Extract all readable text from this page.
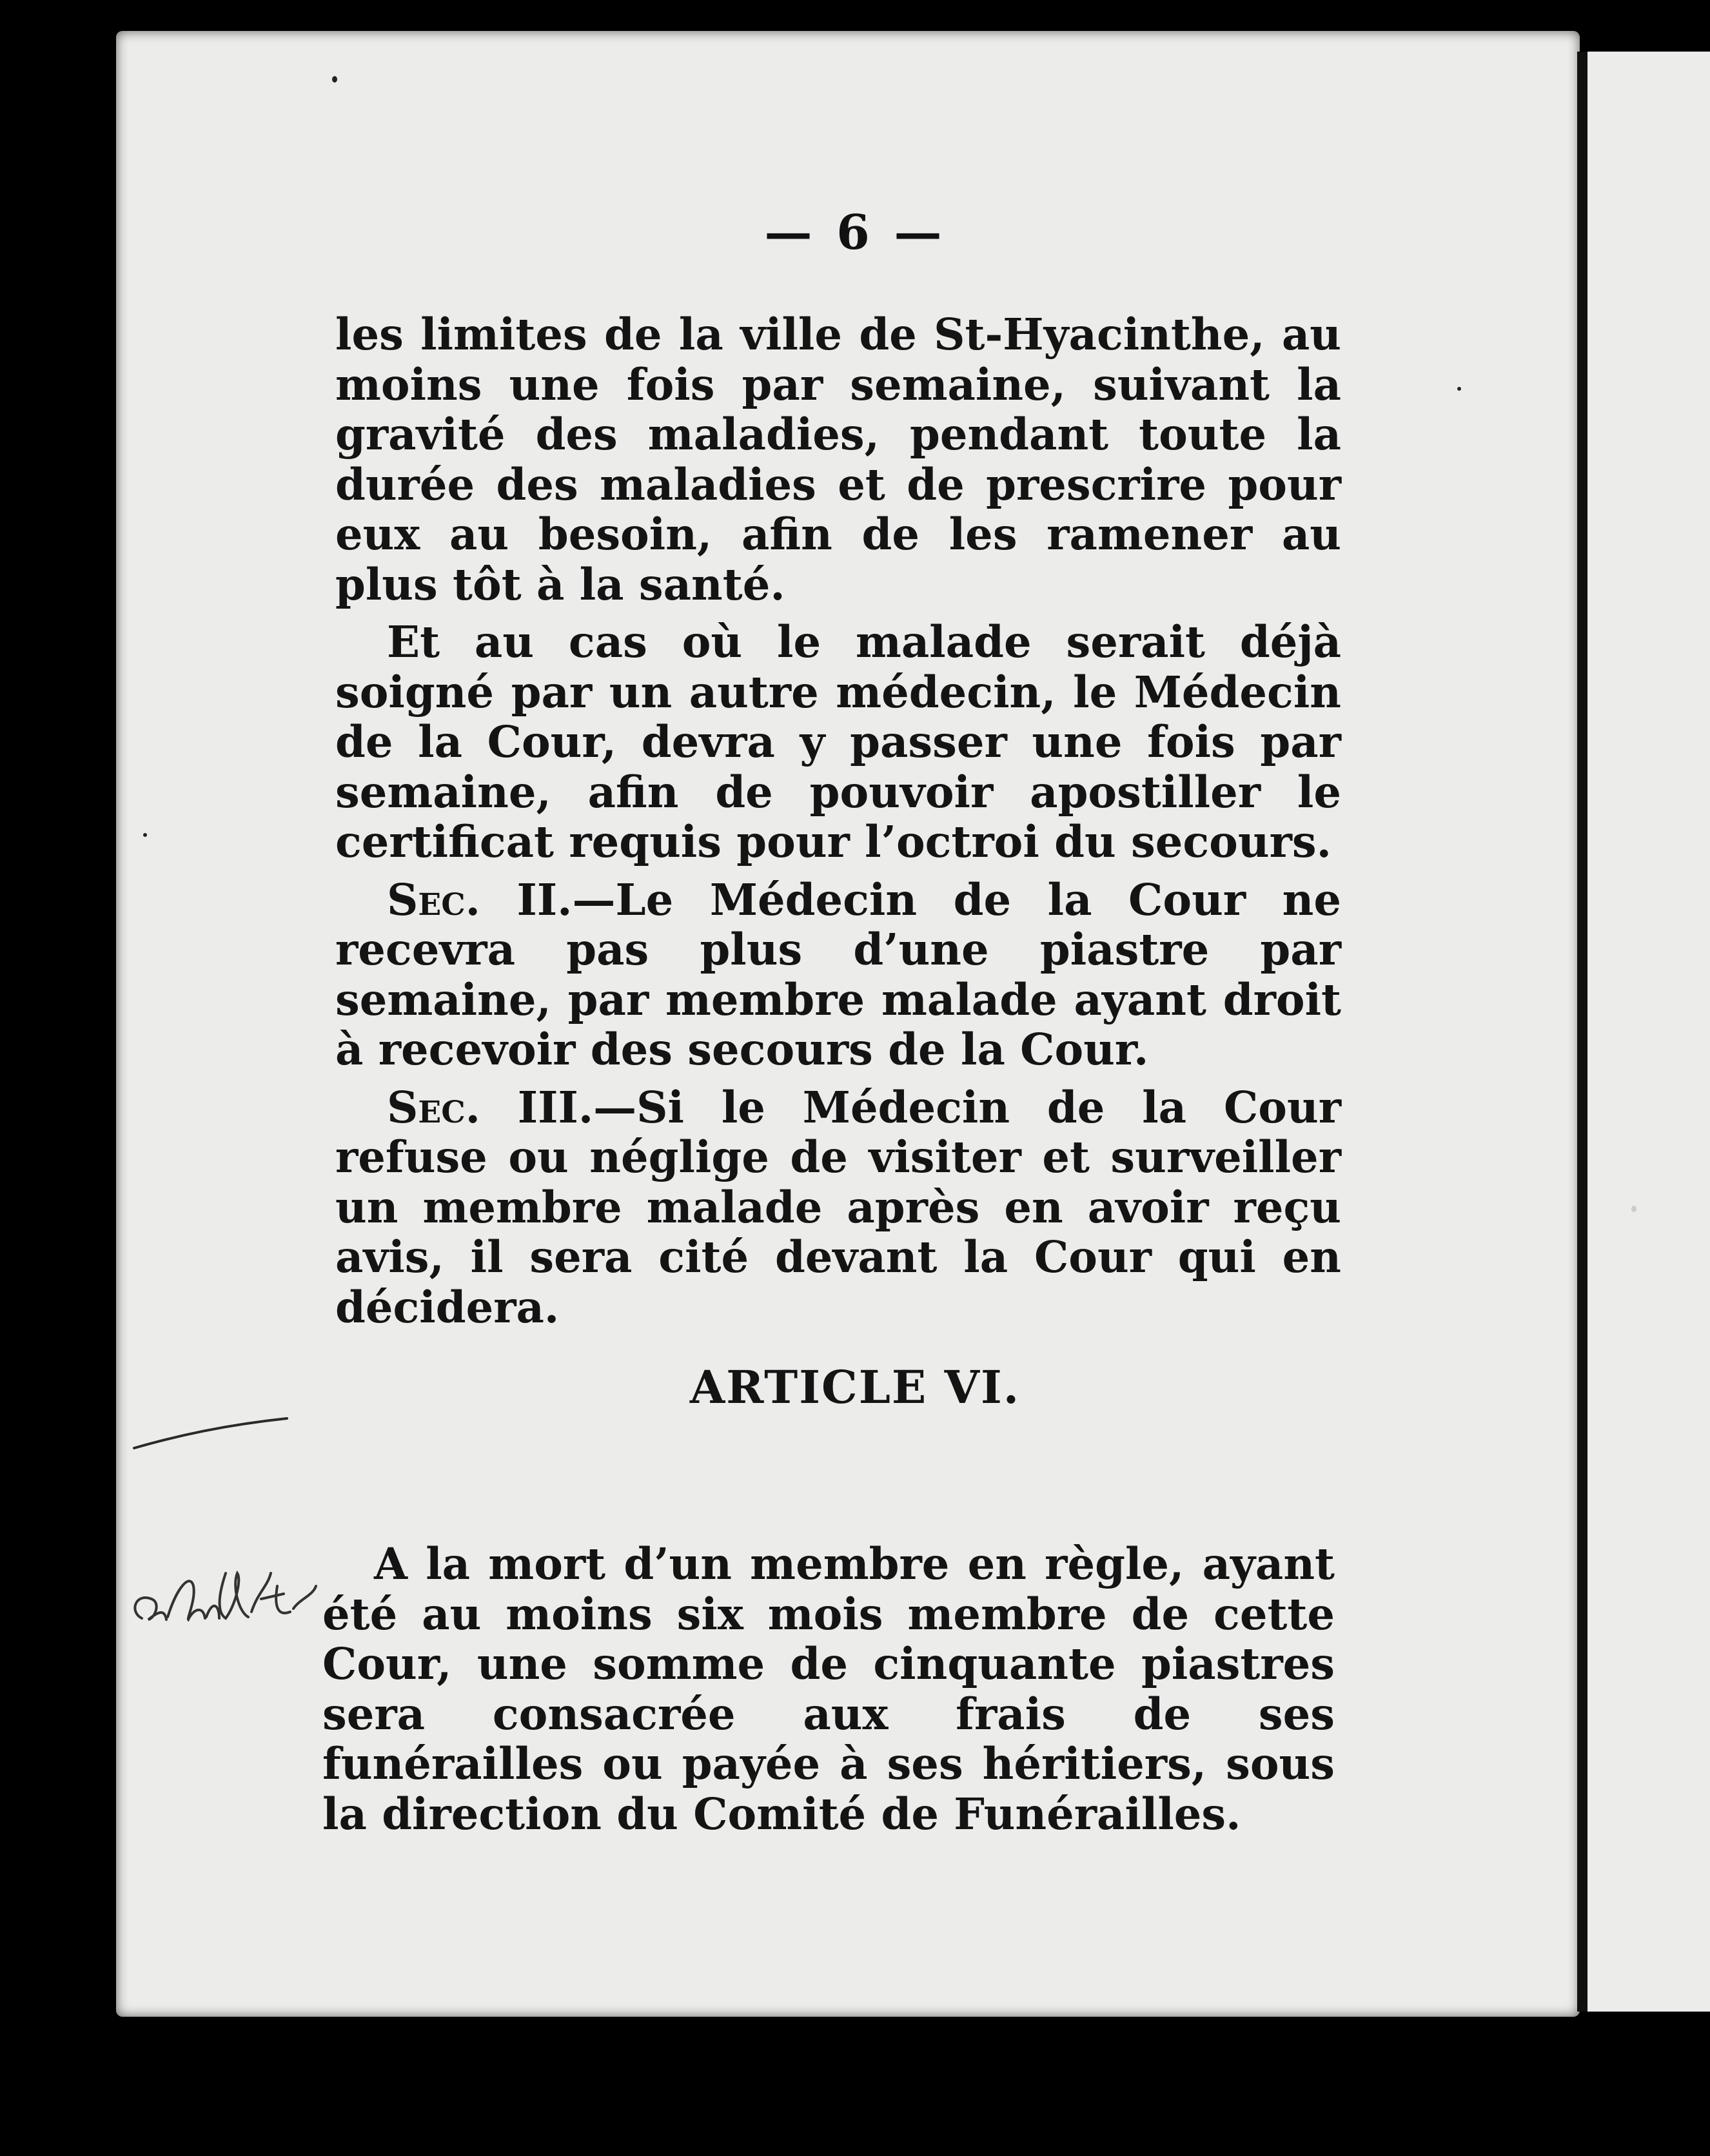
— 6 —

les limites de la ville de St-Hyacinthe, au moins une fois par semaine, suivant la gravité des maladies, pendant toute la durée des maladies et de prescrire pour eux au besoin, afin de les ramener au plus tôt à la santé.

Et au cas où le malade serait déjà soigné par un autre médecin, le Médecin de la Cour, devra y passer une fois par semaine, afin de pouvoir apostiller le certificat requis pour l’octroi du secours.

Sec. II.—Le Médecin de la Cour ne recevra pas plus d’une piastre par semaine, par membre malade ayant droit à recevoir des secours de la Cour.

Sec. III.—Si le Médecin de la Cour refuse ou néglige de visiter et surveiller un membre malade après en avoir reçu avis, il sera cité devant la Cour qui en décidera.

ARTICLE VI.

A la mort d’un membre en règle, ayant été au moins six mois membre de cette Cour, une somme de cinquante piastres sera consacrée aux frais de ses funérailles ou payée à ses héritiers, sous la direction du Comité de Funérailles.
